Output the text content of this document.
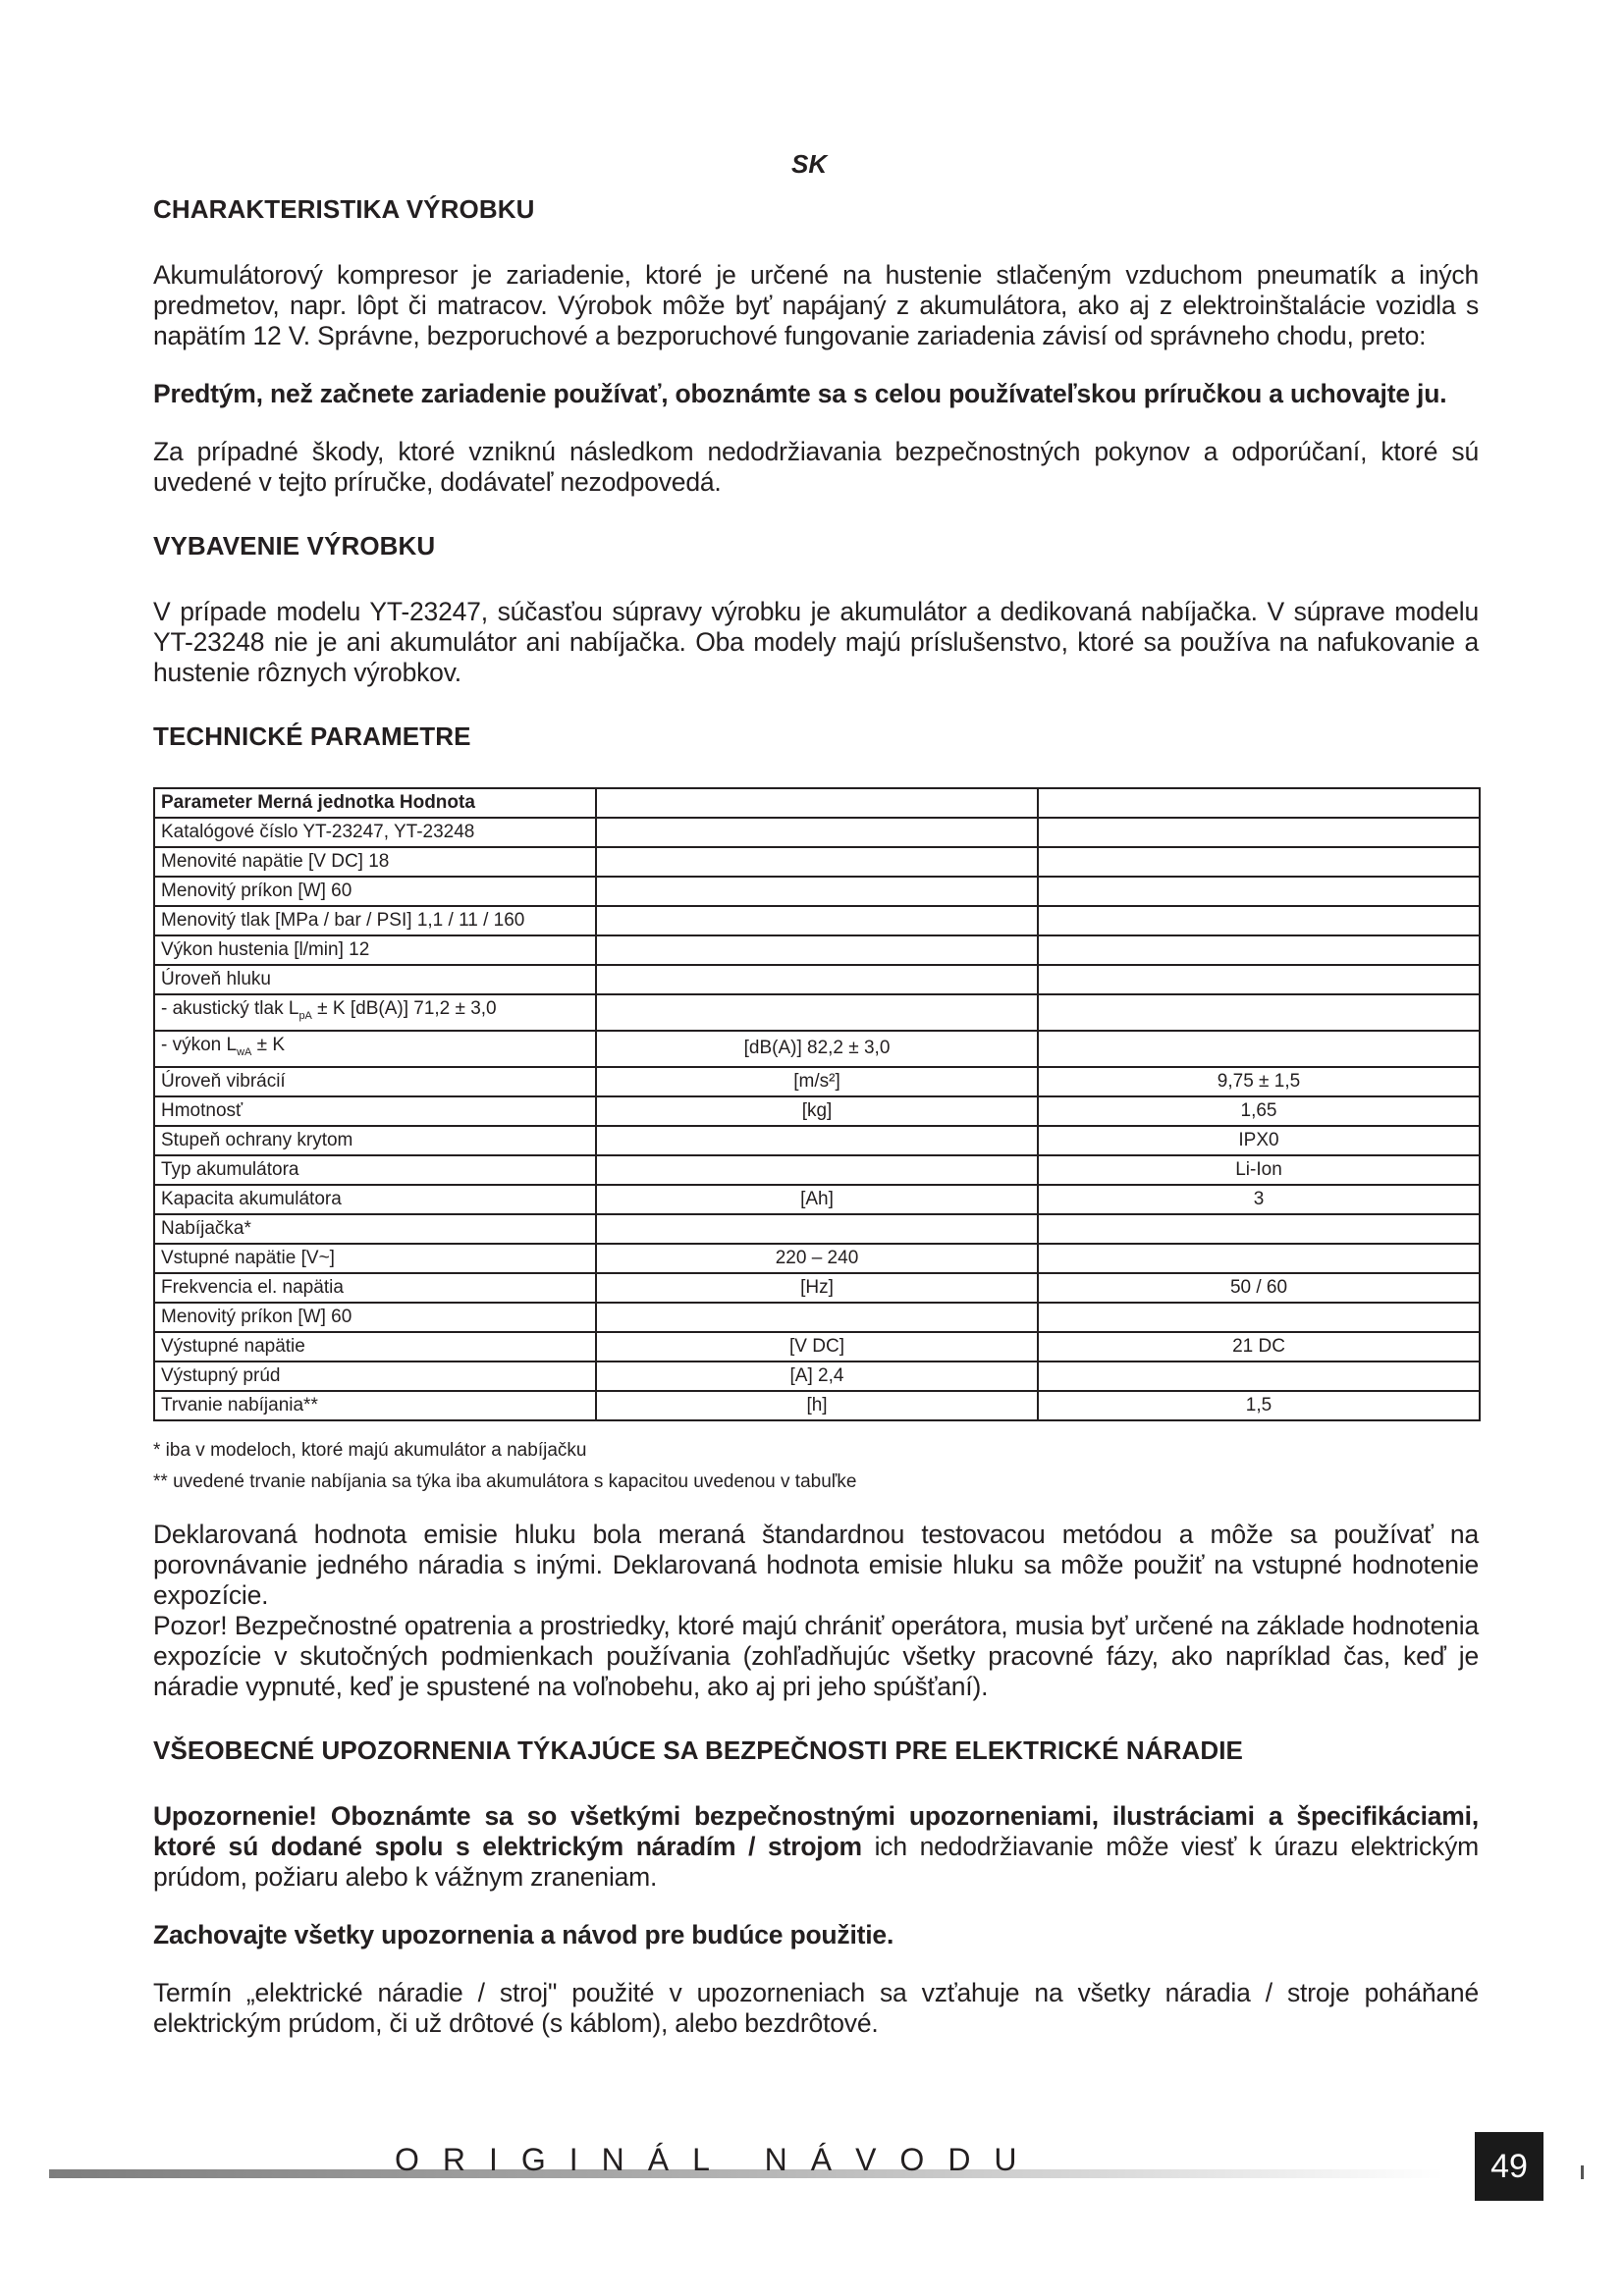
SK
CHARAKTERISTIKA VÝROBKU

Akumulátorový kompresor je zariadenie, ktoré je určené na hustenie stlačeným vzduchom pneumatík a iných predmetov, napr. lôpt či matracov. Výrobok môže byť napájaný z akumulátora, ako aj z elektroinštalácie vozidla s napätím 12 V. Správne, bezporuchové a bezporuchové fungovanie zariadenia závisí od správneho chodu, preto:

Predtým, než začnete zariadenie používať, oboznámte sa s celou používateľskou príručkou a uchovajte ju.

Za prípadné škody, ktoré vzniknú následkom nedodržiavania bezpečnostných pokynov a odporúčaní, ktoré sú uvedené v tejto príručke, dodávateľ nezodpovedá.

VYBAVENIE VÝROBKU

V prípade modelu YT-23247, súčasťou súpravy výrobku je akumulátor a dedikovaná nabíjačka. V súprave modelu YT-23248 nie je ani akumulátor ani nabíjačka. Oba modely majú príslušenstvo, ktoré sa používa na nafukovanie a hustenie rôznych výrobkov.

TECHNICKÉ PARAMETRE
Parameter Merná jednotka Hodnota		
Katalógové číslo YT-23247, YT-23248		
Menovité napätie [V DC] 18		
Menovitý príkon [W] 60		
Menovitý tlak [MPa / bar / PSI] 1,1 / 11 / 160		
Výkon hustenia [l/min] 12		
Úroveň hluku		
- akustický tlak $L_{pA} \pm K$ [dB(A)] 71,2 ± 3,0		
- výkon $L_{wA} \pm K$	[dB(A)] 82,2 ± 3,0	
Úroveň vibrácií	[m/s²]	9,75 ± 1,5
Hmotnosť	[kg]	1,65
Stupeň ochrany krytom		IPX0
Typ akumulátora		Li-Ion
Kapacita akumulátora	[Ah]	3
Nabíjačka*		
Vstupné napätie [V~]	220 – 240	
Frekvencia el. napätia	[Hz]	50 / 60
Menovitý príkon [W] 60		
Výstupné napätie	[V DC]	21 DC
Výstupný prúd	[A] 2,4	
Trvanie nabíjania**	[h]	1,5
* iba v modeloch, ktoré majú akumulátor a nabíjačku
** uvedené trvanie nabíjania sa týka iba akumulátora s kapacitou uvedenou v tabuľke

Deklarovaná hodnota emisie hluku bola meraná štandardnou testovacou metódou a môže sa používať na porovnávanie jedného náradia s inými. Deklarovaná hodnota emisie hluku sa môže použiť na vstupné hodnotenie expozície.

Pozor! Bezpečnostné opatrenia a prostriedky, ktoré majú chrániť operátora, musia byť určené na základe hodnotenia expozície v skutočných podmienkach používania (zohľadňujúc všetky pracovné fázy, ako napríklad čas, keď je náradie vypnuté, keď je spustené na voľnobehu, ako aj pri jeho spúšťaní).

VŠEOBECNÉ UPOZORNENIA TÝKAJÚCE SA BEZPEČNOSTI PRE ELEKTRICKÉ NÁRADIE

Upozornenie! Oboznámte sa so všetkými bezpečnostnými upozorneniami, ilustráciami a špecifikáciami, ktoré sú dodané spolu s elektrickým náradím / strojom ich nedodržiavanie môže viesť k úrazu elektrickým prúdom, požiaru alebo k vážnym zraneniam.

Zachovajte všetky upozornenia a návod pre budúce použitie.

Termín „elektrické náradie / stroj" použité v upozorneniach sa vzťahuje na všetky náradia / stroje poháňané elektrickým prúdom, či už drôtové (s káblom), alebo bezdrôtové.

ORIGINÁL NÁVODU	49
